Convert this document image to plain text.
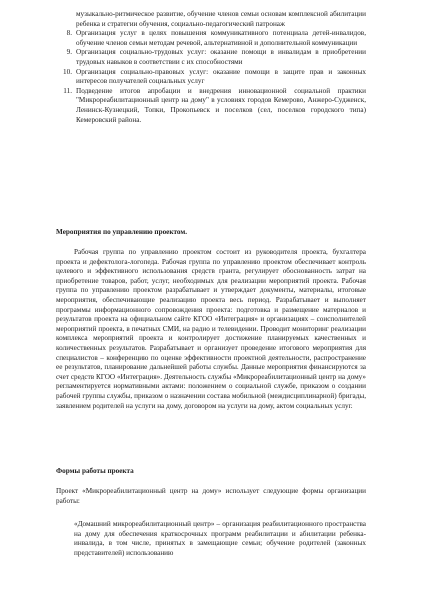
музыкально-ритмическое развитие, обучение членов семьи основам комплексной абилитации ребенка и стратегии обучения, социально-педагогический патронаж
8. Организация услуг в целях повышения коммуникативного потенциала детей-инвалидов, обучение членов семьи методам речевой, альтернативной и дополнительной коммуникации
9. Организация социально-трудовых услуг: оказание помощи в инвалидам в приобретении трудовых навыков в соответствии с их способностями
10. Организация социально-правовых услуг: оказание помощи в защите прав и законных интересов получателей социальных услуг
11. Подведение итогов апробации и внедрения инновационной социальной практики "Микрореабилитационный центр на дому" в условиях городов Кемерово, Анжеро-Судженск, Ленинск-Кузнецкий, Топки, Прокопьевск и поселков (сел, поселков городского типа) Кемеровский района.
Мероприятия по управлению проектом.
Рабочая группа по управлению проектом состоит из руководителя проекта, бухгалтера проекта и дефектолога-логопеда. Рабочая группа по управлению проектом обеспечивает контроль целевого и эффективного использования средств гранта, регулирует обоснованность затрат на приобретение товаров, работ, услуг, необходимых для реализации мероприятий проекта. Рабочая группа по управлению проектом разрабатывает и утверждает документы, материалы, итоговые мероприятия, обеспечивающие реализацию проекта весь период. Разрабатывает и выполняет программы информационного сопровождения проекта: подготовка и размещение материалов и результатов проекта на официальном сайте КГОО «Интеграция» и организациях – соисполнителей мероприятий проекта, в печатных СМИ, на радио и телевидении. Проводит мониторинг реализации комплекса мероприятий проекта и контролирует достижение планируемых качественных и количественных результатов. Разрабатывает и организует проведение итогового мероприятия для специалистов – конференцию по оценке эффективности проектной деятельности, распространение ее результатов, планирование дальнейшей работы службы. Данные мероприятия финансируются за счет средств КГОО «Интеграция». Деятельность службы «Микрореабилитационный центр на дому» регламентируется нормативными актами: положением о социальной службе, приказом о создании рабочей группы службы, приказом о назначении состава мобильной (междисциплинарной) бригады, заявлением родителей на услуги на дому, договором на услуги на дому, актом социальных услуг.
Формы работы проекта
Проект «Микрореабилитационный центр на дому» использует следующие формы организации работы:
«Домашний микрореабилитационный центр» – организация реабилитационного пространства на дому для обеспечения краткосрочных программ реабилитации и абилитации ребенка-инвалида, в том числе, принятых в замещающие семьи; обучение родителей (законных представителей) использованию
